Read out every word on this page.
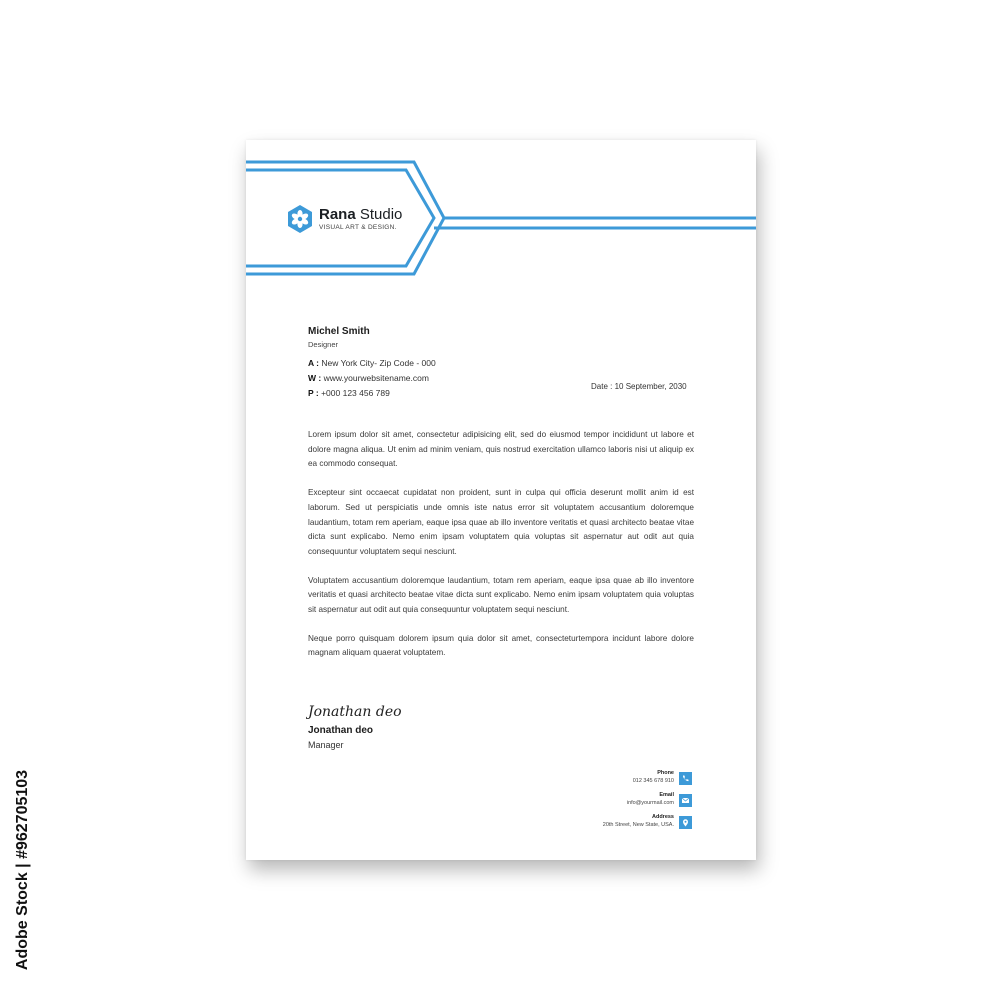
Adobe Stock | #962705103
Rana Studio
VISUAL ART & DESIGN.
Michel Smith
Designer
A : New York City- Zip Code - 000
W : www.yourwebsitename.com
P : +000 123 456 789
Date : 10 September, 2030

Lorem ipsum dolor sit amet, consectetur adipisicing elit, sed do eiusmod tempor incididunt ut labore et dolore magna aliqua. Ut enim ad minim veniam, quis nostrud exercitation ullamco laboris nisi ut aliquip ex ea commodo consequat.

Excepteur sint occaecat cupidatat non proident, sunt in culpa qui officia deserunt mollit anim id est laborum. Sed ut perspiciatis unde omnis iste natus error sit voluptatem accusantium doloremque laudantium, totam rem aperiam, eaque ipsa quae ab illo inventore veritatis et quasi architecto beatae vitae dicta sunt explicabo. Nemo enim ipsam voluptatem quia voluptas sit aspernatur aut odit aut quia consequuntur voluptatem sequi nesciunt.

Voluptatem accusantium doloremque laudantium, totam rem aperiam, eaque ipsa quae ab illo inventore veritatis et quasi architecto beatae vitae dicta sunt explicabo. Nemo enim ipsam voluptatem quia voluptas sit aspernatur aut odit aut quia consequuntur voluptatem sequi nesciunt.

Neque porro quisquam dolorem ipsum quia dolor sit amet, consecteturtempora incidunt labore dolore magnam aliquam quaerat voluptatem.

Jonathan deo
Jonathan deo
Manager
Phone
012 345 678 910
Email
info@yourmail.com
Address
20th Street, New State, USA.
